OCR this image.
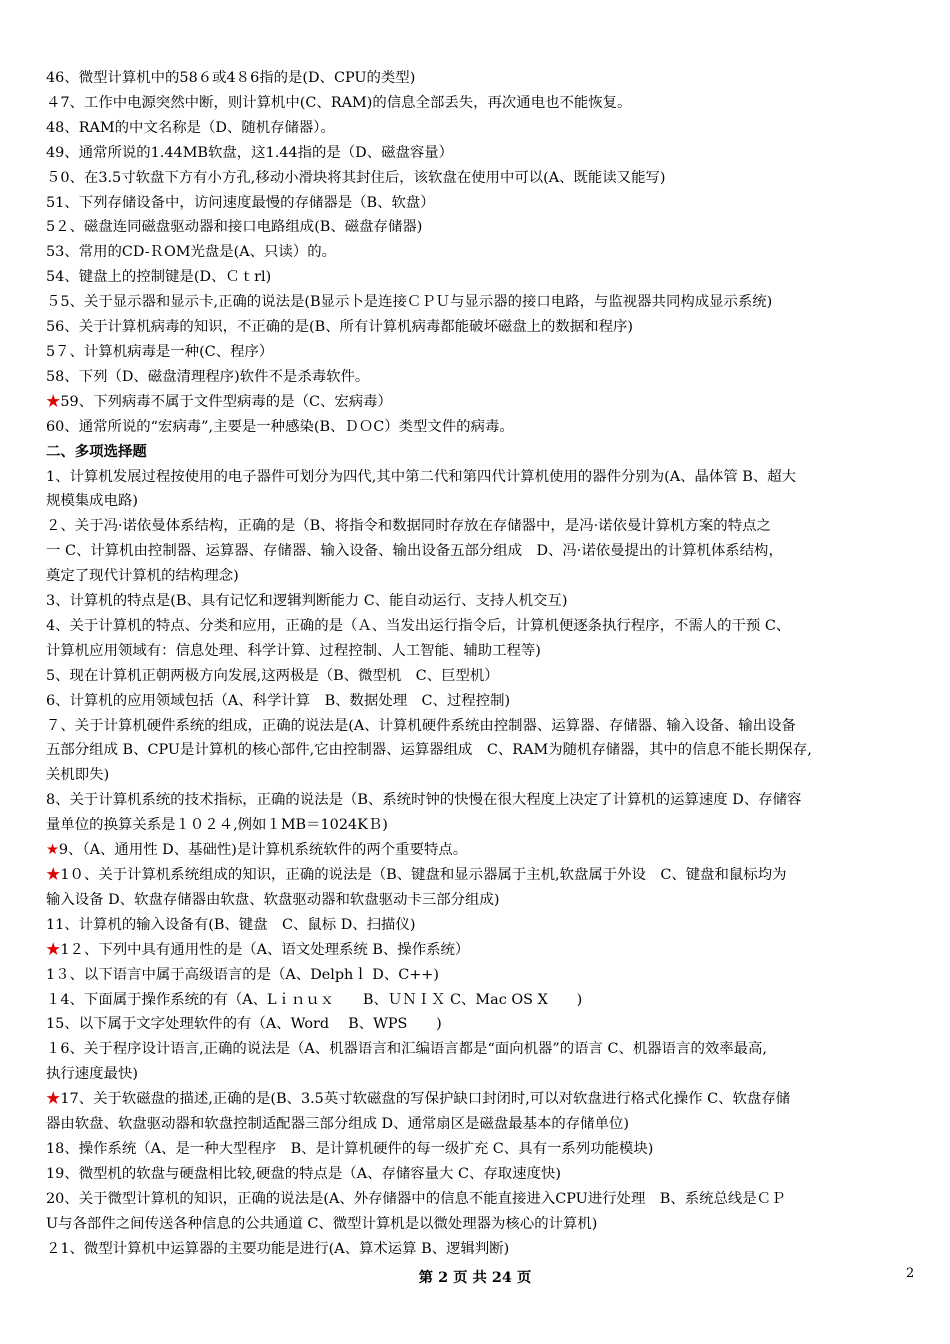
46、微型计算机中的58６或4８6指的是(D、CPU的类型)
４7、工作中电源突然中断，则计算机中(C、RAM)的信息全部丢失，再次通电也不能恢复。
48、RAM的中文名称是（D、随机存储器）。
49、通常所说的1.44MB软盘，这1.44指的是（D、磁盘容量）
５0、在3.5寸软盘下方有小方孔,移动小滑块将其封住后，该软盘在使用中可以(A、既能读又能写)
51、下列存储设备中，访问速度最慢的存储器是（B、软盘）
5２、磁盘连同磁盘驱动器和接口电路组成(B、磁盘存储器)
53、常用的CD-ＲOM光盘是(A、只读）的。
54、键盘上的控制键是(D、Ｃｔrl)
５5、关于显示器和显示卡,正确的说法是(B显示卜是连接ＣＰＵ与显示器的接口电路，与监视器共同构成显示系统)
56、关于计算机病毒的知识，不正确的是(B、所有计算机病毒都能破坏磁盘上的数据和程序)
5７、计算机病毒是一种(C、程序）
58、下列（D、磁盘清理程序)软件不是杀毒软件。
★59、下列病毒不属于文件型病毒的是（C、宏病毒）
60、通常所说的“宏病毒”,主要是一种感染(B、ＤＯC）类型文件的病毒。
二、多项选择题
1、计算机发展过程按使用的电子器件可划分为四代,其中第二代和第四代计算机使用的器件分别为(A、晶体管 B、超大
规模集成电路)
２、关于冯·诺依曼体系结构，正确的是（B、将指令和数据同时存放在存储器中，是冯·诺依曼计算机方案的特点之
一 C、计算机由控制器、运算器、存储器、输入设备、输出设备五部分组成　D、冯·诺依曼提出的计算机体系结构，
奠定了现代计算机的结构理念)
3、计算机的特点是(B、具有记忆和逻辑判断能力 C、能自动运行、支持人机交互)
4、关于计算机的特点、分类和应用，正确的是（Ａ、当发出运行指令后，计算机便逐条执行程序，不需人的干预 C、
计算机应用领域有：信息处理、科学计算、过程控制、人工智能、辅助工程等)
5、现在计算机正朝两极方向发展,这两极是（B、微型机　C、巨型机）
6、计算机的应用领域包括（A、科学计算　B、数据处理　C、过程控制)
７、关于计算机硬件系统的组成，正确的说法是(A、计算机硬件系统由控制器、运算器、存储器、输入设备、输出设备
五部分组成 B、CPU是计算机的核心部件,它由控制器、运算器组成　C、RAM为随机存储器，其中的信息不能长期保存,
关机即失)
8、关于计算机系统的技术指标，正确的说法是（B、系统时钟的快慢在很大程度上决定了计算机的运算速度 D、存储容
量单位的换算关系是１０２４,例如１MB＝1024KＢ)
★9、（A、通用性 D、基础性)是计算机系统软件的两个重要特点。
★1０、关于计算机系统组成的知识，正确的说法是（B、键盘和显示器属于主机,软盘属于外设　C、键盘和鼠标均为
输入设备 D、软盘存储器由软盘、软盘驱动器和软盘驱动卡三部分组成)
11、计算机的输入设备有(B、键盘　C、鼠标 D、扫描仪)
★1２、下列中具有通用性的是（A、语文处理系统 B、操作系统）
1３、以下语言中属于高级语言的是（A、Delphｌ D、C++)
１4、下面属于操作系统的有（A、Lｉｎｕｘ　　B、ＵＮＩＸ C、Mac OS X　　)
15、以下属于文字处理软件的有（A、Word　 B、WPS　　)
１6、关于程序设计语言,正确的说法是（A、机器语言和汇编语言都是“面向机器”的语言 C、机器语言的效率最高,
执行速度最快)
★17、关于软磁盘的描述,正确的是(B、3.5英寸软磁盘的写保护缺口封闭时,可以对软盘进行格式化操作 C、软盘存储
器由软盘、软盘驱动器和软盘控制适配器三部分组成 D、通常扇区是磁盘最基本的存储单位)
18、操作系统（A、是一种大型程序　B、是计算机硬件的每一级扩充 C、具有一系列功能模块)
19、微型机的软盘与硬盘相比较,硬盘的特点是（A、存储容量大 C、存取速度快)
20、关于微型计算机的知识，正确的说法是(A、外存储器中的信息不能直接进入CPU进行处理　B、系统总线是ＣＰ
U与各部件之间传送各种信息的公共通道 C、微型计算机是以微处理器为核心的计算机)
２1、微型计算机中运算器的主要功能是进行(A、算术运算 B、逻辑判断)
第 2 页 共 24 页	2
